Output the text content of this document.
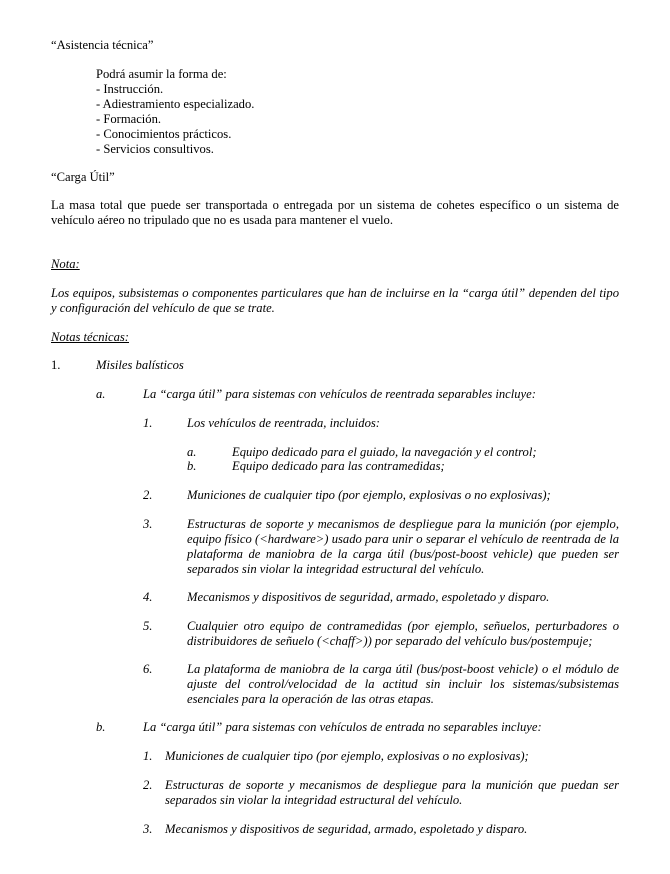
“Asistencia técnica”
Podrá asumir la forma de:
- Instrucción.
- Adiestramiento especializado.
- Formación.
- Conocimientos prácticos.
- Servicios consultivos.
“Carga Útil”
La masa total que puede ser transportada o entregada por un sistema de cohetes específico o un sistema de vehículo aéreo no tripulado que no es usada para mantener el vuelo.
Nota:
Los equipos, subsistemas o componentes particulares que han de incluirse en la “carga útil” dependen del tipo y configuración del vehículo de que se trate.
Notas técnicas:
1.	Misiles balísticos
a.	La “carga útil” para sistemas con vehículos de reentrada separables incluye:
1.	Los vehículos de reentrada, incluidos:
a.	Equipo dedicado para el guiado, la navegación y el control;
b.	Equipo dedicado para las contramedidas;
2.	Municiones de cualquier tipo (por ejemplo, explosivas o no explosivas);
3.	Estructuras de soporte y mecanismos de despliegue para la munición (por ejemplo, equipo físico (<hardware>) usado para unir o separar el vehículo de reentrada de la plataforma de maniobra de la carga útil (bus/post-boost vehicle) que pueden ser separados sin violar la integridad estructural del vehículo.
4.	Mecanismos y dispositivos de seguridad, armado, espoletado y disparo.
5.	Cualquier otro equipo de contramedidas (por ejemplo, señuelos, perturbadores o distribuidores de señuelo (<chaff>)) por separado del vehículo bus/postempuje;
6.	La plataforma de maniobra de la carga útil (bus/post-boost vehicle) o el módulo de ajuste del control/velocidad de la actitud sin incluir los sistemas/subsistemas esenciales para la operación de las otras etapas.
b.	La “carga útil” para sistemas con vehículos de entrada no separables incluye:
1. Municiones de cualquier tipo (por ejemplo, explosivas o no explosivas);
2. Estructuras de soporte y mecanismos de despliegue para la munición que puedan ser separados sin violar la integridad estructural del vehículo.
3. Mecanismos y dispositivos de seguridad, armado, espoletado y disparo.
